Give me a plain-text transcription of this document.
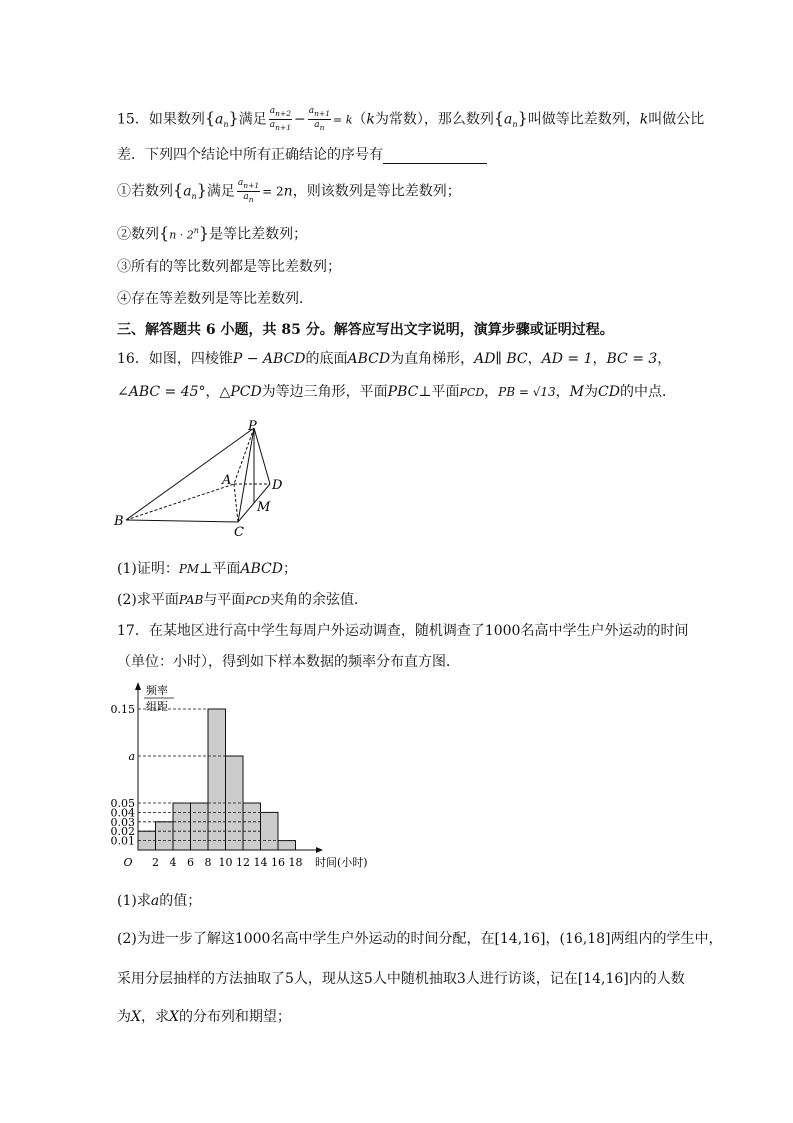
15．如果数列$\{a_n\}$满足 $\frac{a_{n+2}}{a_{n+1}} - \frac{a_{n+1}}{a_n} = k(k$为常数），那么数列$\{a_n\}$叫做等比差数列，k叫做公比
差．下列四个结论中所有正确结论的序号有
①若数列$\{a_n\}$满足 $\frac{a_{n+1}}{a_n} = 2n$，则该数列是等比差数列；
②数列$\{n \cdot 2^n\}$是等比差数列；
③所有的等比数列都是等比差数列；
④存在等差数列是等比差数列．
三、解答题共 6 小题，共 85 分。解答应写出文字说明，演算步骤或证明过程。
16．如图，四棱锥P − ABCD的底面ABCD为直角梯形，AD∥ BC，AD = 1，BC = 3，
∠ABC = 45°，△PCD为等边三角形，平面PBC⊥平面PCD，PB = √13，M为CD的中点．
P
A	D
M
B
C
(1)证明：PM⊥平面ABCD；
(2)求平面PAB与平面PCD夹角的余弦值．
17．在某地区进行高中学生每周户外运动调查，随机调查了1000名高中学生户外运动的时间
（单位：小时），得到如下样本数据的频率分布直方图．
0.15
a
0.05
0.04
0.03
0.02
0.01
2 4 6 8 10 12 14 16 18
O	时间(小时)
频率
组距
(1)求a的值；
(2)为进一步了解这1000名高中学生户外运动的时间分配，在[14,16]，(16,18]两组内的学生中，
采用分层抽样的方法抽取了5人，现从这5人中随机抽取3人进行访谈，记在[14,16]内的人数
为X，求X的分布列和期望；
